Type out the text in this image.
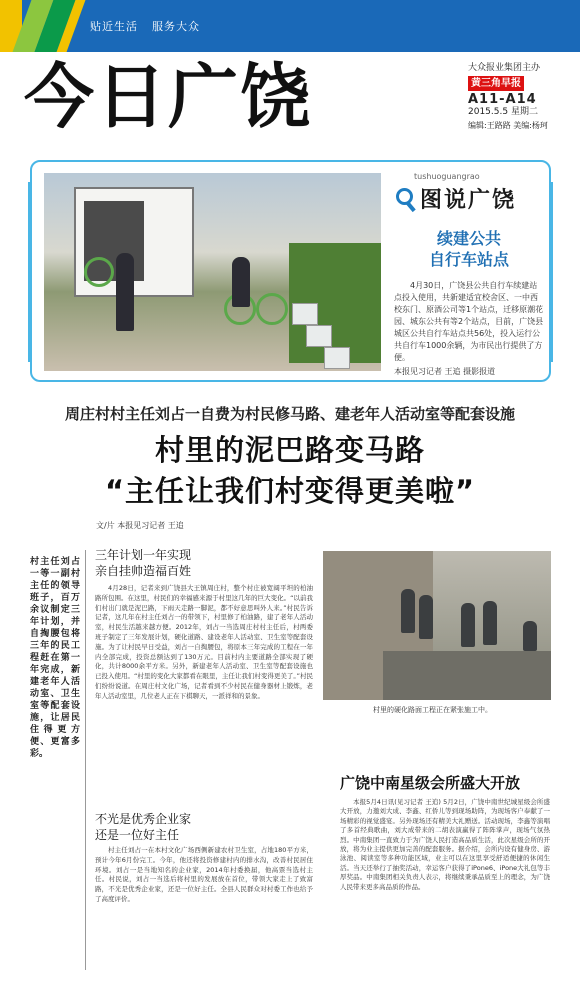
贴近生活 服务大众
今日广饶	大众报业集团主办
黄三角早报
A11-A14
2015.5.5 星期二
编辑:王路路 美编:杨珂
tushuoguangrao
图说广饶
续建公共
自行车站点
4月30日，广饶县公共自行车续建站点投入使用，共新建适宜校舍区、一中西校东门、原酒公司等1个站点，迁移原潮花园、城东公共有等2个站点，目前，广饶县城区公共自行车站点共56处，投入运行公共自行车1000余辆，为市民出行提供了方便。
本报见习记者 王追 摄影报道
周庄村村主任刘占一自费为村民修马路、建老年人活动室等配套设施
村里的泥巴路变马路
“主任让我们村变得更美啦”
文/片 本报见习记者 王追
村主任刘占一等一副村主任的领导班子，百万余议制定三年计划，并自掏腰包将三年的民工程赶在第一年完成，新建老年人活动室、卫生室等配套设施，让居民住得更方便、更富多彩。
三年计划一年实现
亲自挂帅造福百姓
4月28日，记者来到广饶县大王镇周庄村，整个村庄被宽阔平坦的柏油路所包围。在这里，村民们的幸福感来源于村里这几年的巨大变化。“以前我们村出门就是泥巴路，下雨天走路一脚泥，都不好意思叫外人来。”村民告诉记者，这几年在村主任刘占一的带领下，村里修了柏油路，建了老年人活动室，村民生活越来越方便。2012年，刘占一当选周庄村村主任后，村两委班子制定了三年发展计划，硬化道路、建设老年人活动室、卫生室等配套设施。为了让村民早日受益，刘占一自掏腰包，将原本三年完成的工程在一年内全部完成，投资总额达到了130万元。目前村内主要道路全部实现了硬化，共计8000余平方米。另外，新建老年人活动室、卫生室等配套设施也已投入使用。“村里的变化大家都看在眼里，主任让我们村变得更美了。”村民们纷纷说道。在周庄村文化广场，记者看到不少村民在健身器材上锻炼，老年人活动室里，几位老人正在下棋聊天，一派祥和的景象。
不光是优秀企业家
还是一位好主任
村主任刘占一在本村文化广场西侧新建农村卫生室，占地180平方米，预计今年6月份完工。今年，他还将投资修建村内的排水沟，改善村民居住环境。刘占一是当地知名的企业家，2014年村委换届，他高票当选村主任。村民说，刘占一当选后将村里的发展放在首位，带领大家走上了致富路，不光是优秀企业家，还是一位好主任。全县人民群众对村委工作也给予了高度评价。
村里的硬化路面工程正在紧张施工中。
广饶中南星级会所盛大开放
本报5月4日讯(见习记者 王追) 5月2日，广饶中南世纪城星级会所盛大开放，力邀刘大成、李鑫、红侨儿等到现场助阵，为现场客户奉献了一场精彩的视觉盛宴。另外现场还有精美大礼赠送。活动现场，李鑫等演唱了多首经典歌曲，刘大成带来的二胡表演赢得了阵阵掌声，现场气氛热烈。中南集团一直致力于为广饶人民打造高品质生活，此次星级会所的开放，将为业主提供更加完善的配套服务。据介绍，会所内设有健身房、游泳池、阅读室等多种功能区域，业主可以在这里享受舒适便捷的休闲生活。当天还举行了抽奖活动，幸运客户获得了iPone6、iPone大礼包等丰厚奖品。中南集团相关负责人表示，将继续秉承品质至上的理念，为广饶人民带来更多高品质的作品。
